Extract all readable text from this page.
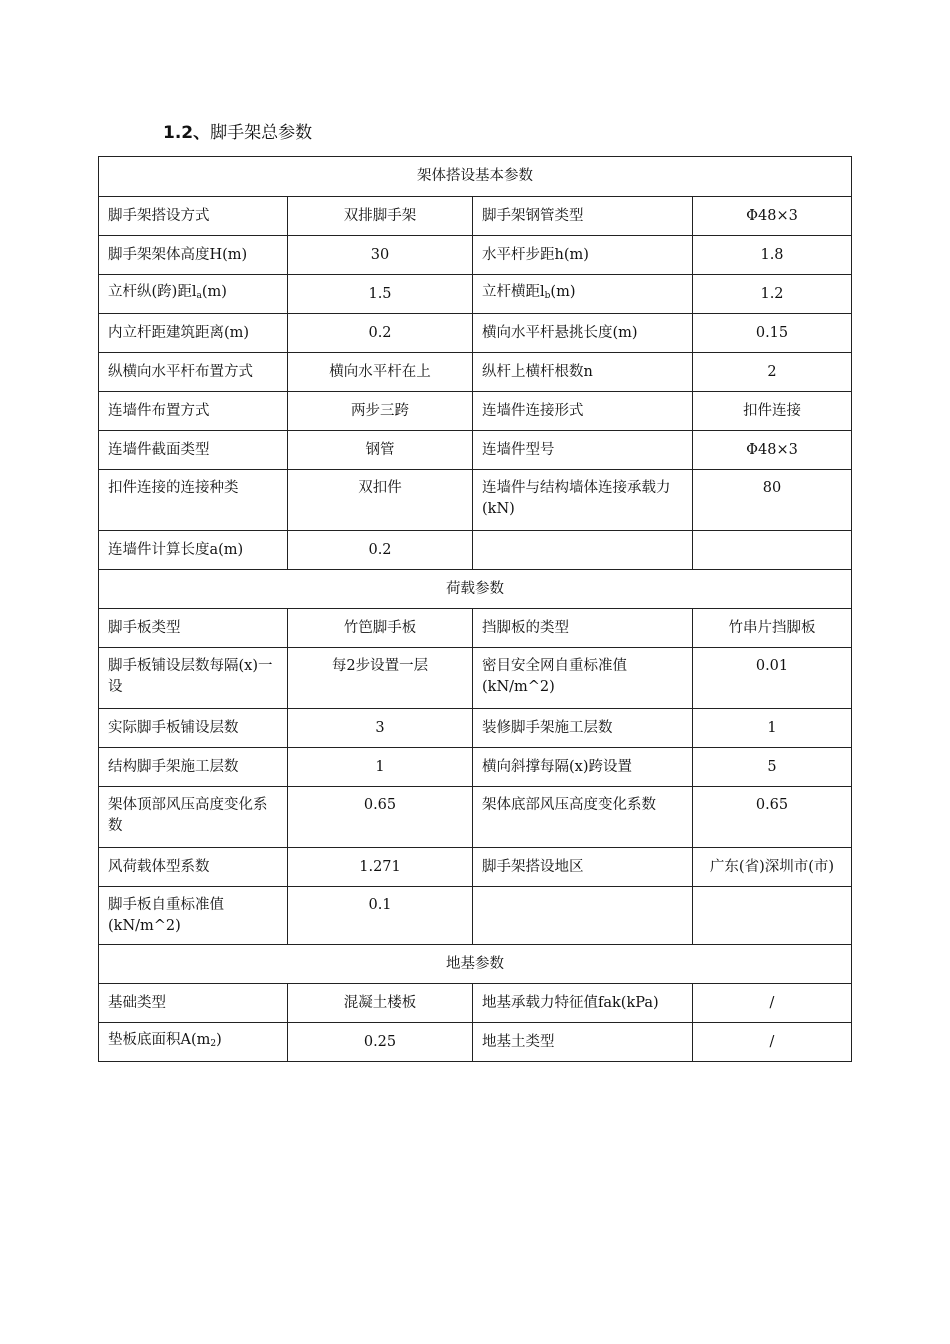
1.2、脚手架总参数
架体搭设基本参数			
脚手架搭设方式	双排脚手架	脚手架钢管类型	Φ48×3
脚手架架体高度H(m)	30	水平杆步距h(m)	1.8
立杆纵(跨)距$l_a(m)$	1.5	立杆横距$l_b(m)$	1.2
内立杆距建筑距离(m)	0.2	横向水平杆悬挑长度(m)	0.15
纵横向水平杆布置方式	横向水平杆在上	纵杆上横杆根数n	2
连墙件布置方式	两步三跨	连墙件连接形式	扣件连接
连墙件截面类型	钢管	连墙件型号	Φ48×3
扣件连接的连接种类	双扣件	连墙件与结构墙体连接承载力(kN)	80
连墙件计算长度a(m)	0.2		
荷载参数			
脚手板类型	竹笆脚手板	挡脚板的类型	竹串片挡脚板
脚手板铺设层数每隔(x)一设	每2步设置一层	密目安全网自重标准值 (kN/m^2)	0.01
实际脚手板铺设层数	3	装修脚手架施工层数	1
结构脚手架施工层数	1	横向斜撑每隔(x)跨设置	5
架体顶部风压高度变化系数	0.65	架体底部风压高度变化系数	0.65
风荷载体型系数	1.271	脚手架搭设地区	广东(省)深圳市(市)
脚手板自重标准值(kN/m^2)	0.1		
地基参数			
基础类型	混凝土楼板	地基承载力特征值fak(kPa)	/
垫板底面积$A(m_2)$	0.25	地基土类型	/
